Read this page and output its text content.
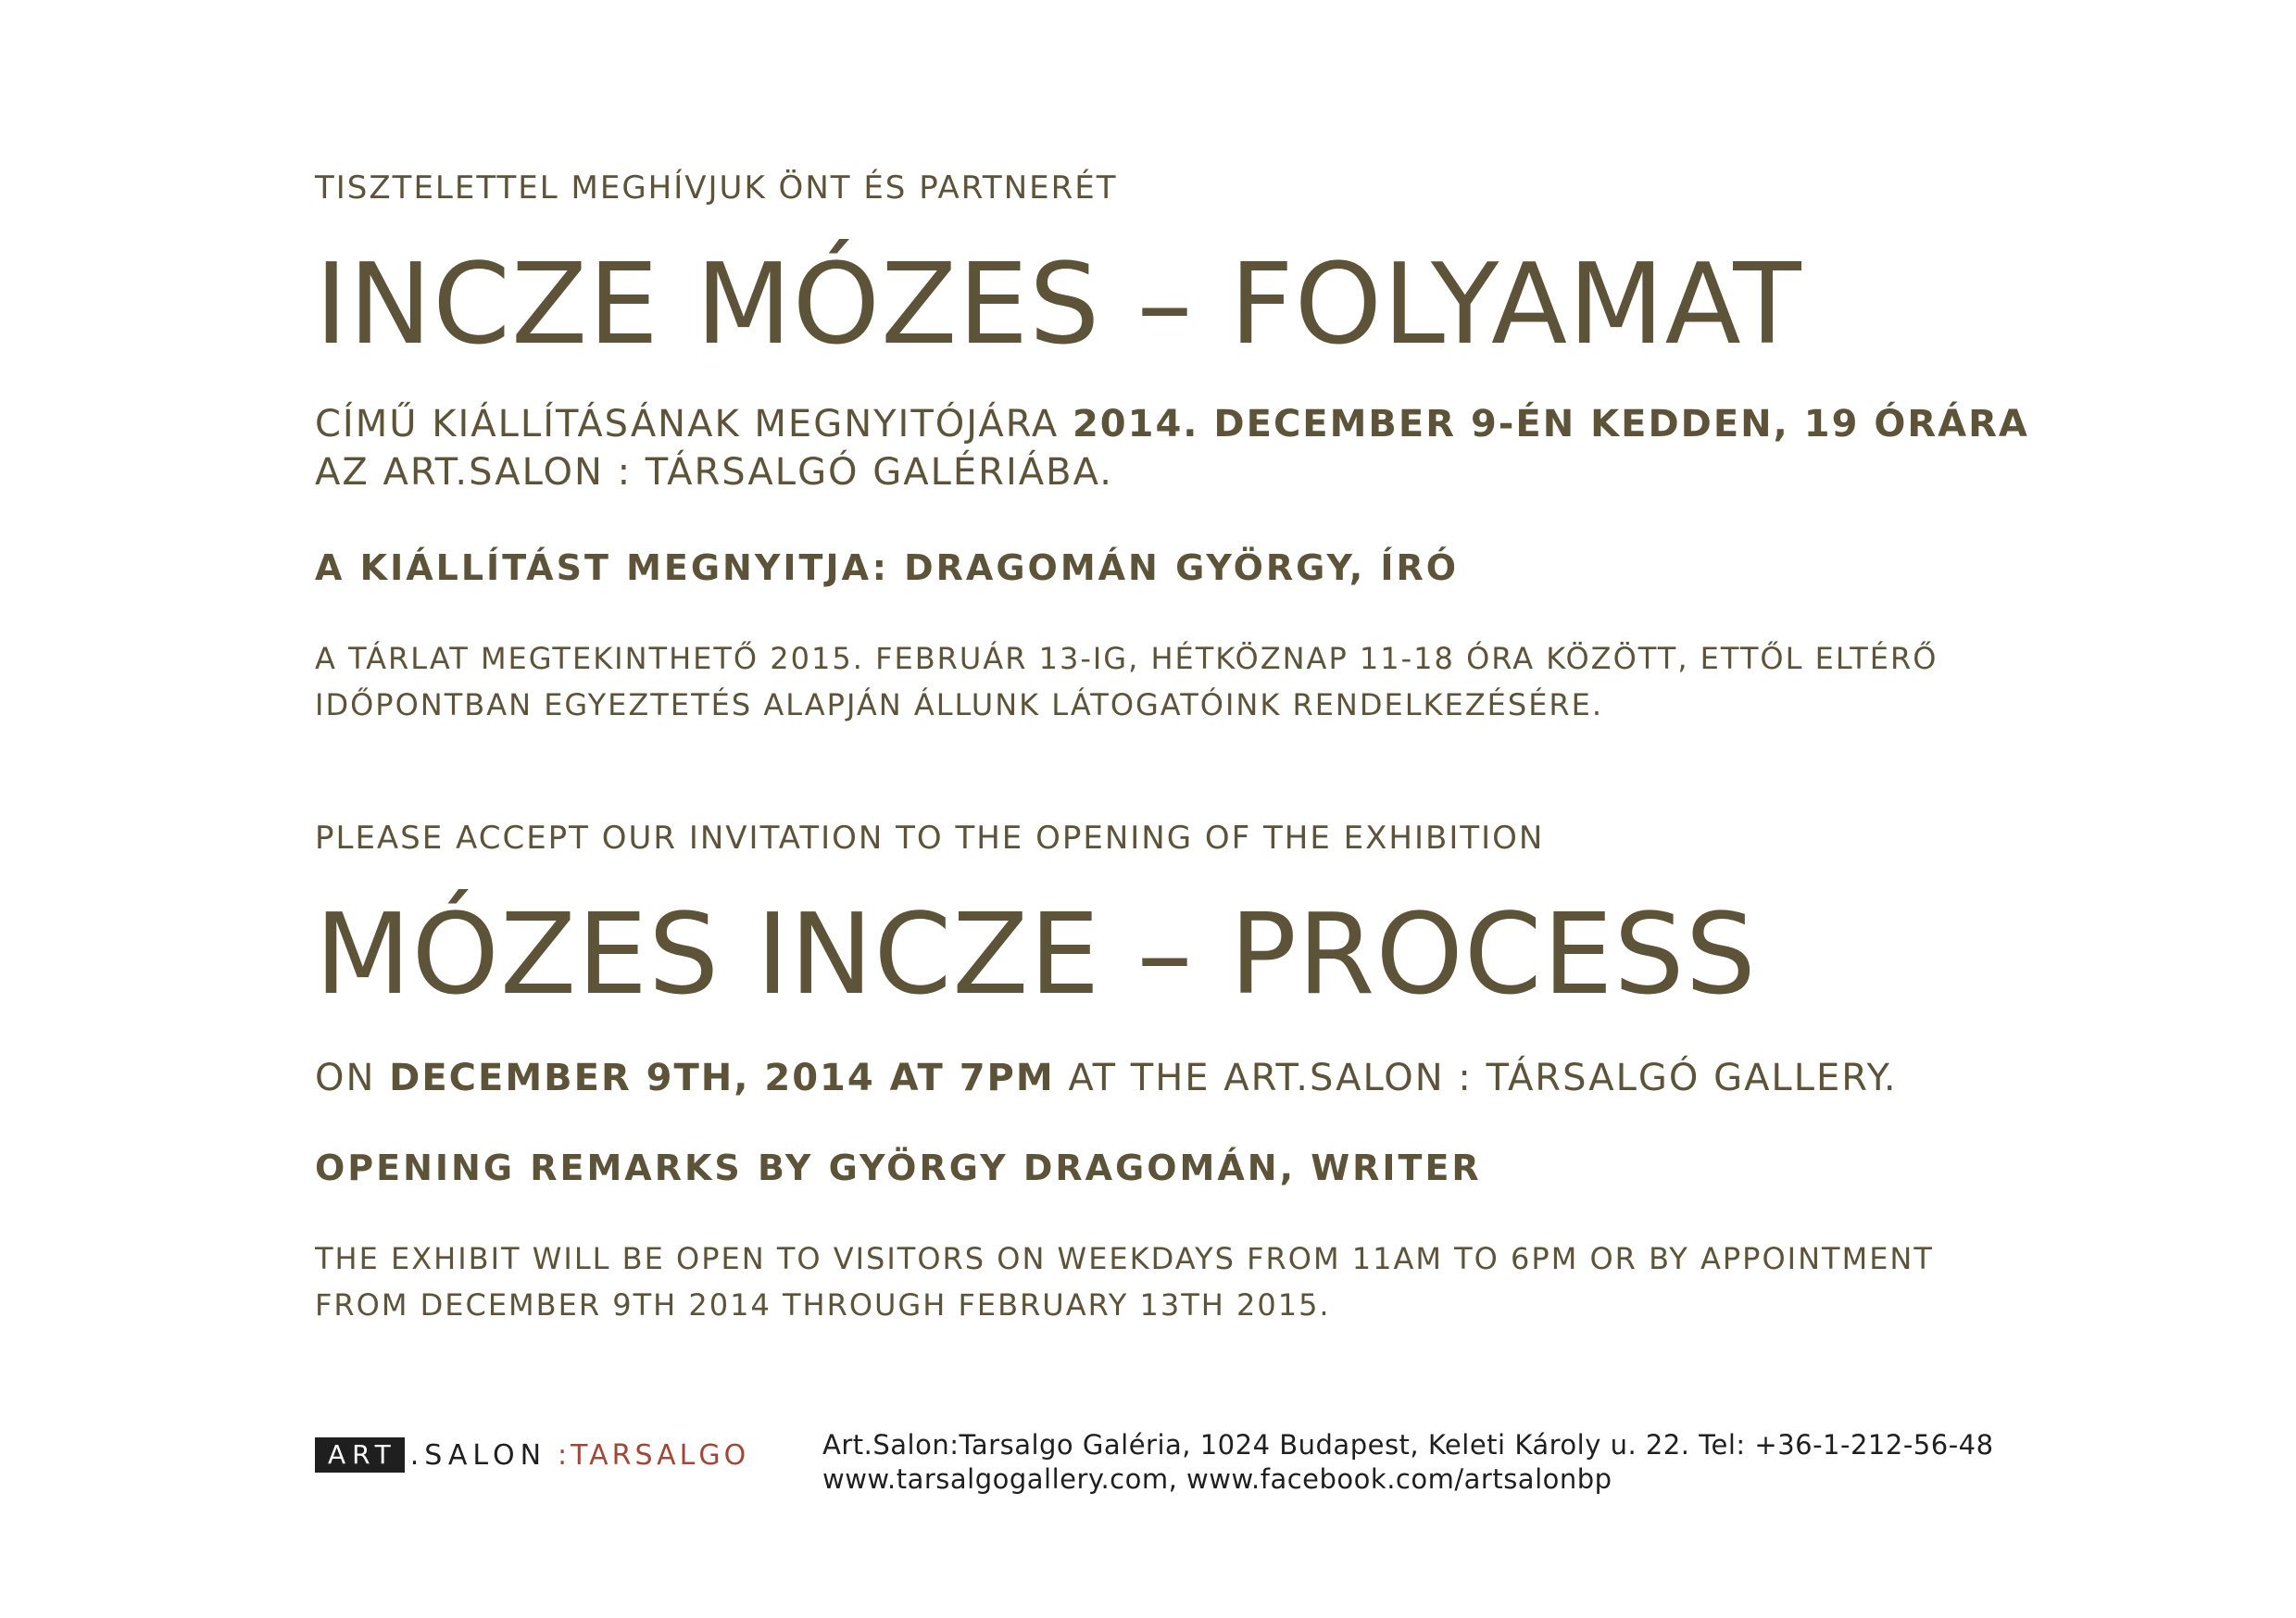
TISZTELETTEL MEGHÍVJUK ÖNT ÉS PARTNERÉT
INCZE MÓZES – FOLYAMAT
CÍMŰ KIÁLLÍTÁSÁNAK MEGNYITÓJÁRA 2014. DECEMBER 9-ÉN KEDDEN, 19 ÓRÁRA
AZ ART.SALON : TÁRSALGÓ GALÉRIÁBA.
A KIÁLLÍTÁST MEGNYITJA: DRAGOMÁN GYÖRGY, ÍRÓ
A TÁRLAT MEGTEKINTHETŐ 2015. FEBRUÁR 13-IG, HÉTKÖZNAP 11-18 ÓRA KÖZÖTT, ETTŐL ELTÉRŐ
IDŐPONTBAN EGYEZTETÉS ALAPJÁN ÁLLUNK LÁTOGATÓINK RENDELKEZÉSÉRE.
PLEASE ACCEPT OUR INVITATION TO THE OPENING OF THE EXHIBITION
MÓZES INCZE – PROCESS
ON DECEMBER 9TH, 2014 AT 7PM AT THE ART.SALON : TÁRSALGÓ GALLERY.
OPENING REMARKS BY GYÖRGY DRAGOMÁN, WRITER
THE EXHIBIT WILL BE OPEN TO VISITORS ON WEEKDAYS FROM 11AM TO 6PM OR BY APPOINTMENT
FROM DECEMBER 9TH 2014 THROUGH FEBRUARY 13TH 2015.
ART .SALON :TARSALGO	Art.Salon:Tarsalgo Galéria, 1024 Budapest, Keleti Károly u. 22. Tel: +36-1-212-56-48
www.tarsalgogallery.com, www.facebook.com/artsalonbp
